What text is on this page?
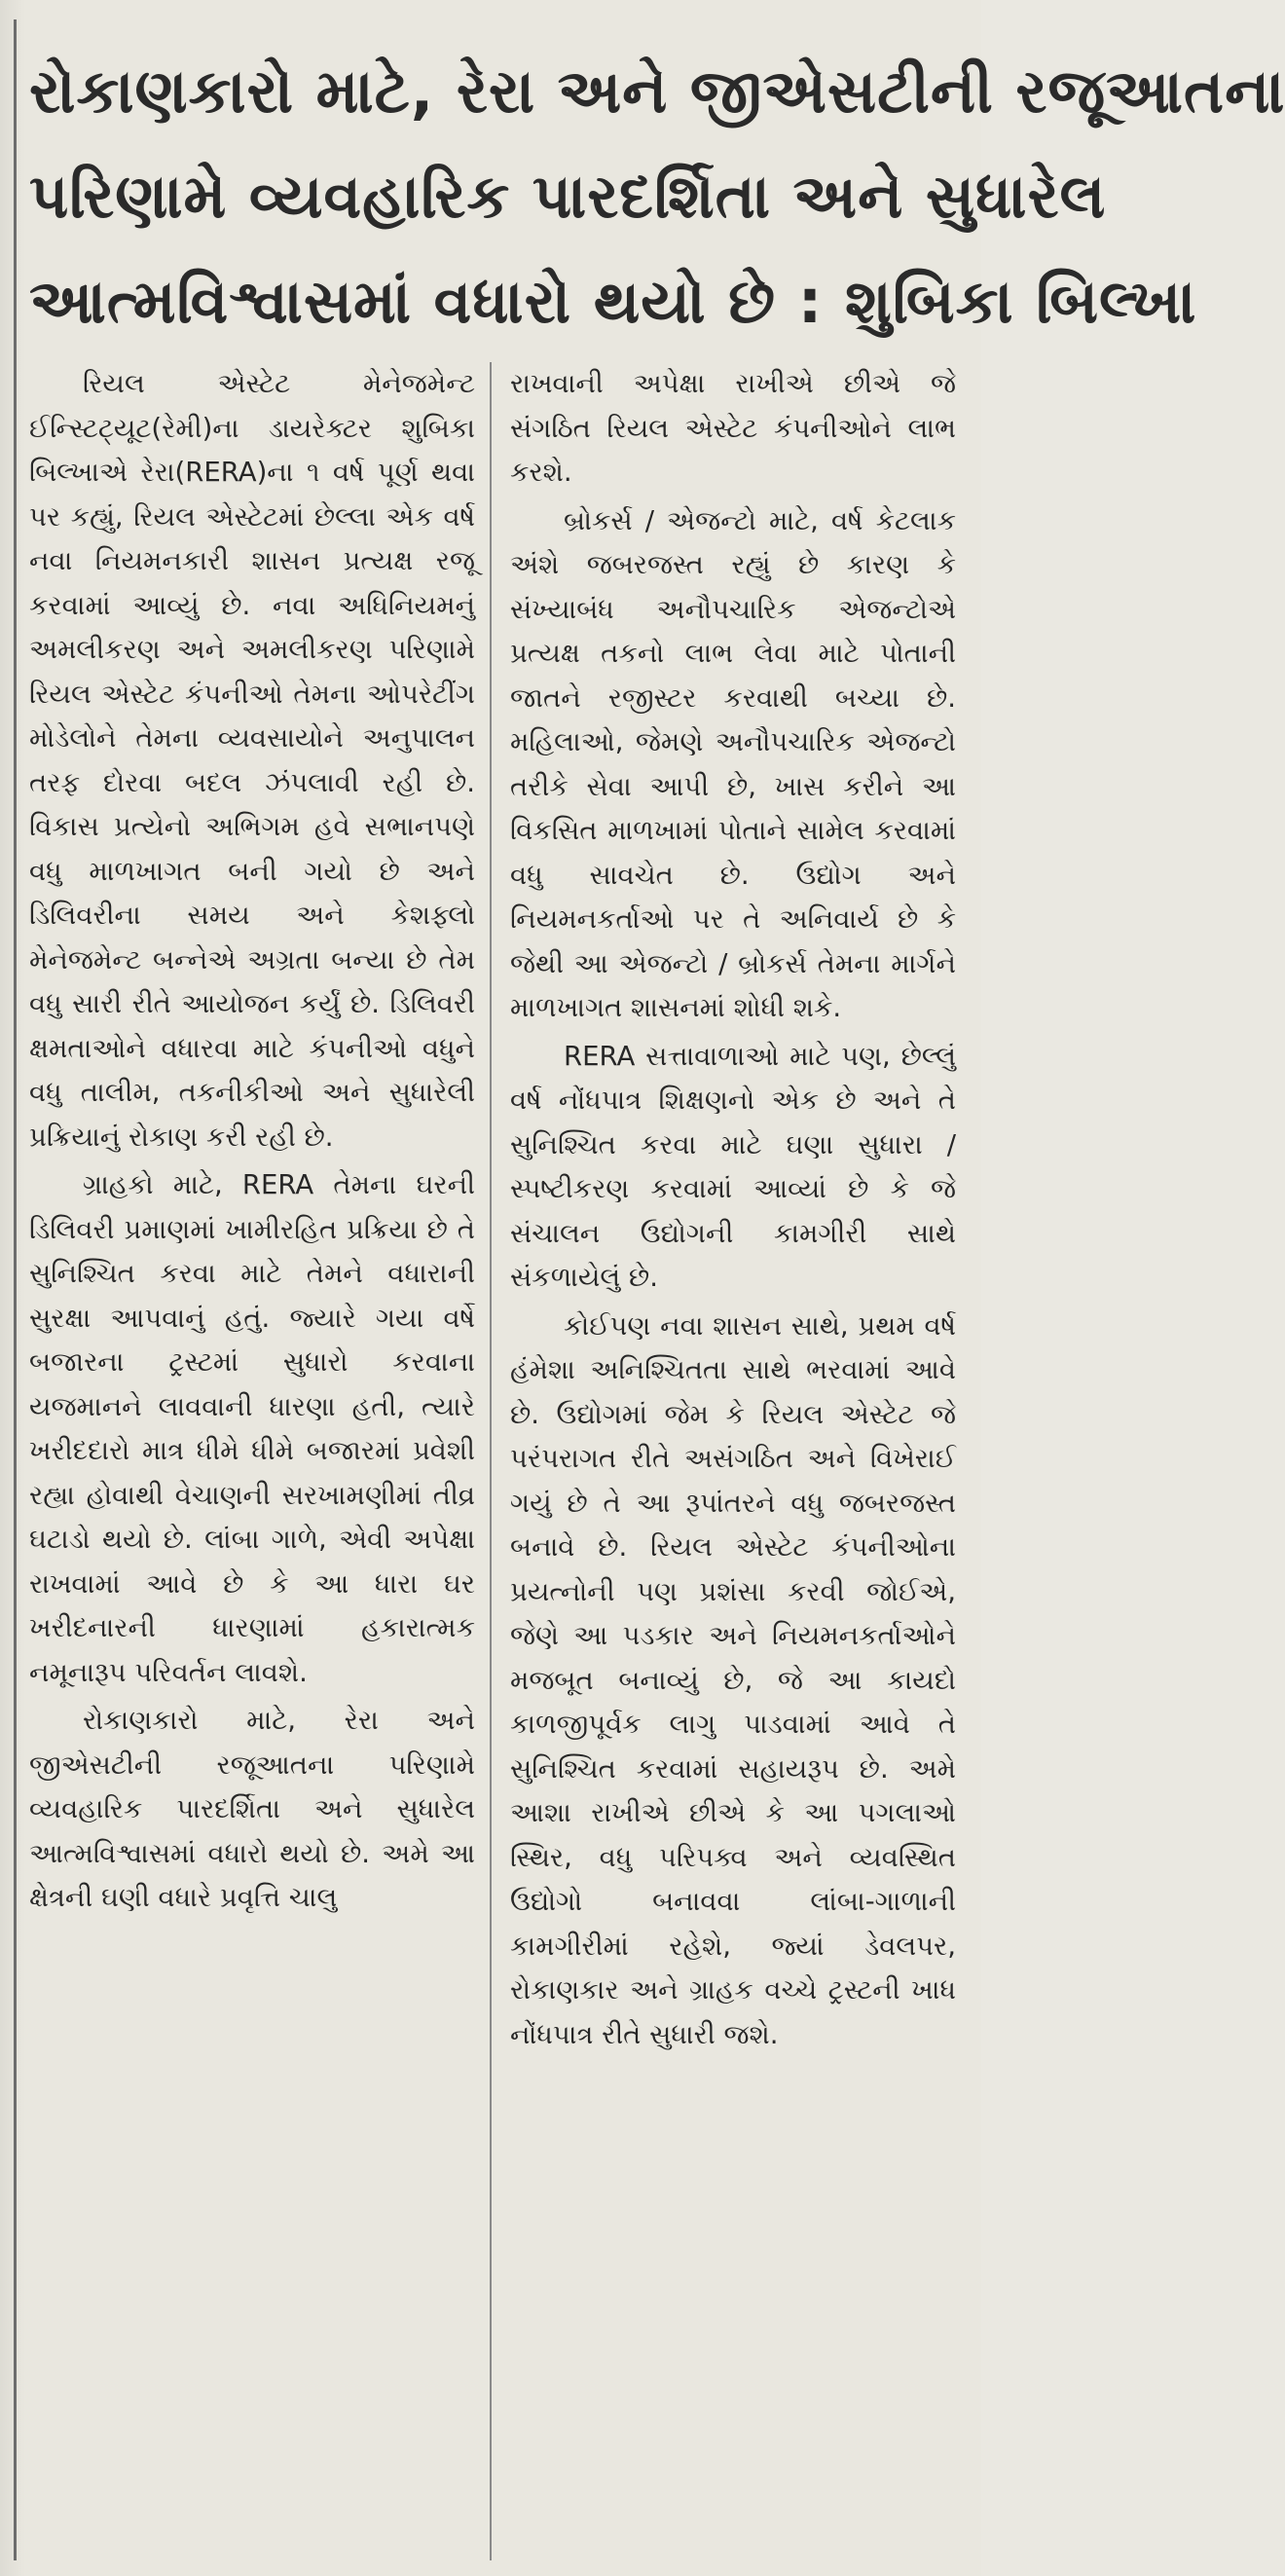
રોકાણકારો માટે, રેરા અને જીએસટીની રજૂઆતના
પરિણામે વ્યવહારિક પારદર્શિતા અને સુધારેલ
આત્મવિશ્વાસમાં વધારો થયો છે : શુબિકા બિલ્ખા

રિયલ એસ્ટેટ મેનેજમેન્ટ ઈન્સ્ટિટ્યૂટ(રેમી)ના ડાયરેક્ટર શુબિકા બિલ્ખાએ રેરા(RERA)ના ૧ વર્ષ પૂર્ણ થવા પર કહ્યું, રિયલ એસ્ટેટમાં છેલ્લા એક વર્ષ નવા નિયમનકારી શાસન પ્રત્યક્ષ રજૂ કરવામાં આવ્યું છે. નવા અધિનિયમનું અમલીકરણ અને અમલીકરણ પરિણામે રિયલ એસ્ટેટ કંપનીઓ તેમના ઓપરેટીંગ મોડેલોને તેમના વ્યવસાયોને અનુપાલન તરફ દોરવા બદલ ઝંપલાવી રહી છે. વિકાસ પ્રત્યેનો અભિગમ હવે સભાનપણે વધુ માળખાગત બની ગયો છે અને ડિલિવરીના સમય અને કેશફ્લો મેનેજમેન્ટ બન્નેએ અગ્રતા બન્યા છે તેમ વધુ સારી રીતે આયોજન કર્યું છે. ડિલિવરી ક્ષમતાઓને વધારવા માટે કંપનીઓ વધુને વધુ તાલીમ, તકનીકીઓ અને સુધારેલી પ્રક્રિયાનું રોકાણ કરી રહી છે.

ગ્રાહકો માટે, RERA તેમના ઘરની ડિલિવરી પ્રમાણમાં ખામીરહિત પ્રક્રિયા છે તે સુનિશ્ચિત કરવા માટે તેમને વધારાની સુરક્ષા આપવાનું હતું. જ્યારે ગયા વર્ષે બજારના ટ્રસ્ટમાં સુધારો કરવાના યજમાનને લાવવાની ધારણા હતી, ત્યારે ખરીદદારો માત્ર ધીમે ધીમે બજારમાં પ્રવેશી રહ્યા હોવાથી વેચાણની સરખામણીમાં તીવ્ર ઘટાડો થયો છે. લાંબા ગાળે, એવી અપેક્ષા રાખવામાં આવે છે કે આ ધારા ઘર ખરીદનારની ધારણામાં હકારાત્મક નમૂનારૂપ પરિવર્તન લાવશે.

રોકાણકારો માટે, રેરા અને જીએસટીની રજૂઆતના પરિણામે વ્યવહારિક પારદર્શિતા અને સુધારેલ આત્મવિશ્વાસમાં વધારો થયો છે. અમે આ ક્ષેત્રની ઘણી વધારે પ્રવૃત્તિ ચાલુ

રાખવાની અપેક્ષા રાખીએ છીએ જે સંગઠિત રિયલ એસ્ટેટ કંપનીઓને લાભ કરશે.

બ્રોકર્સ / એજન્ટો માટે, વર્ષ કેટલાક અંશે જબરજસ્ત રહ્યું છે કારણ કે સંખ્યાબંધ અનૌપચારિક એજન્ટોએ પ્રત્યક્ષ તકનો લાભ લેવા માટે પોતાની જાતને રજીસ્ટર કરવાથી બચ્યા છે. મહિલાઓ, જેમણે અનૌપચારિક એજન્ટો તરીકે સેવા આપી છે, ખાસ કરીને આ વિકસિત માળખામાં પોતાને સામેલ કરવામાં વધુ સાવચેત છે. ઉદ્યોગ અને નિયમનકર્તાઓ પર તે અનિવાર્ય છે કે જેથી આ એજન્ટો / બ્રોકર્સ તેમના માર્ગને માળખાગત શાસનમાં શોધી શકે.

RERA સત્તાવાળાઓ માટે પણ, છેલ્લું વર્ષ નોંધપાત્ર શિક્ષણનો એક છે અને તે સુનિશ્ચિત કરવા માટે ઘણા સુધારા / સ્પષ્ટીકરણ કરવામાં આવ્યાં છે કે જે સંચાલન ઉદ્યોગની કામગીરી સાથે સંકળાયેલું છે.

કોઈપણ નવા શાસન સાથે, પ્રથમ વર્ષ હંમેશા અનિશ્ચિતતા સાથે ભરવામાં આવે છે. ઉદ્યોગમાં જેમ કે રિયલ એસ્ટેટ જે પરંપરાગત રીતે અસંગઠિત અને વિખેરાઈ ગયું છે તે આ રૂપાંતરને વધુ જબરજસ્ત બનાવે છે. રિયલ એસ્ટેટ કંપનીઓના પ્રયત્નોની પણ પ્રશંસા કરવી જોઈએ, જેણે આ પડકાર અને નિયમનકર્તાઓને મજબૂત બનાવ્યું છે, જે આ કાયદો કાળજીપૂર્વક લાગુ પાડવામાં આવે તે સુનિશ્ચિત કરવામાં સહાયરૂપ છે. અમે આશા રાખીએ છીએ કે આ પગલાઓ સ્થિર, વધુ પરિપક્વ અને વ્યવસ્થિત ઉદ્યોગો બનાવવા લાંબા-ગાળાની કામગીરીમાં રહેશે, જ્યાં ડેવલપર, રોકાણકાર અને ગ્રાહક વચ્ચે ટ્રસ્ટની ખાધ નોંધપાત્ર રીતે સુધારી જશે.
